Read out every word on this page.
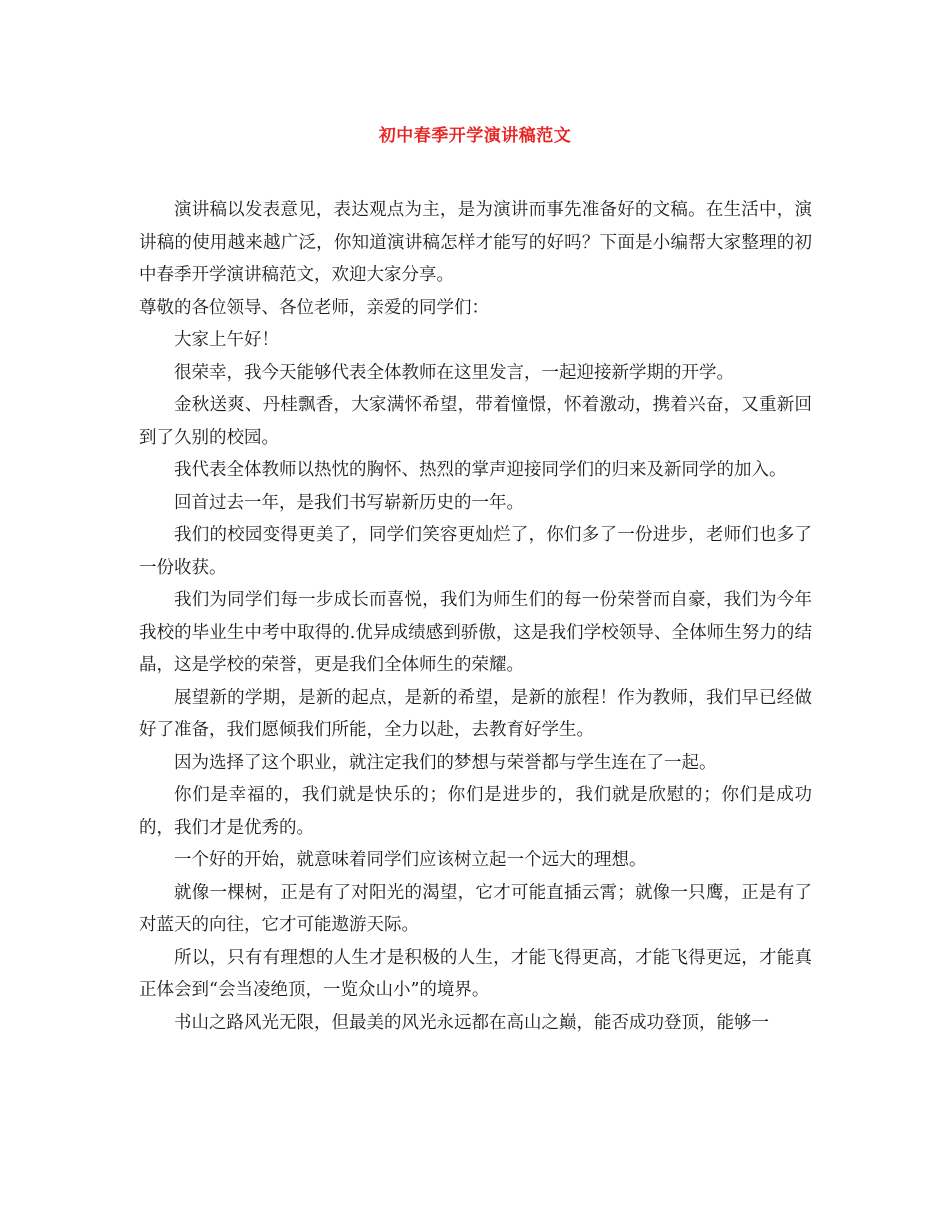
初中春季开学演讲稿范文

演讲稿以发表意见，表达观点为主，是为演讲而事先准备好的文稿。在生活中，演讲稿的使用越来越广泛，你知道演讲稿怎样才能写的好吗？下面是小编帮大家整理的初中春季开学演讲稿范文，欢迎大家分享。

尊敬的各位领导、各位老师，亲爱的同学们：

大家上午好！

很荣幸，我今天能够代表全体教师在这里发言，一起迎接新学期的开学。

金秋送爽、丹桂飘香，大家满怀希望，带着憧憬，怀着激动，携着兴奋，又重新回到了久别的校园。

我代表全体教师以热忱的胸怀、热烈的掌声迎接同学们的归来及新同学的加入。

回首过去一年，是我们书写崭新历史的一年。

我们的校园变得更美了，同学们笑容更灿烂了，你们多了一份进步，老师们也多了一份收获。

我们为同学们每一步成长而喜悦，我们为师生们的每一份荣誉而自豪，我们为今年我校的毕业生中考中取得的.优异成绩感到骄傲，这是我们学校领导、全体师生努力的结晶，这是学校的荣誉，更是我们全体师生的荣耀。

展望新的学期，是新的起点，是新的希望，是新的旅程！作为教师，我们早已经做好了准备，我们愿倾我们所能，全力以赴，去教育好学生。

因为选择了这个职业，就注定我们的梦想与荣誉都与学生连在了一起。

你们是幸福的，我们就是快乐的；你们是进步的，我们就是欣慰的；你们是成功的，我们才是优秀的。

一个好的开始，就意味着同学们应该树立起一个远大的理想。

就像一棵树，正是有了对阳光的渴望，它才可能直插云霄；就像一只鹰，正是有了对蓝天的向往，它才可能遨游天际。

所以，只有有理想的人生才是积极的人生，才能飞得更高，才能飞得更远，才能真正体会到“会当凌绝顶，一览众山小”的境界。

书山之路风光无限，但最美的风光永远都在高山之巅，能否成功登顶，能够一
